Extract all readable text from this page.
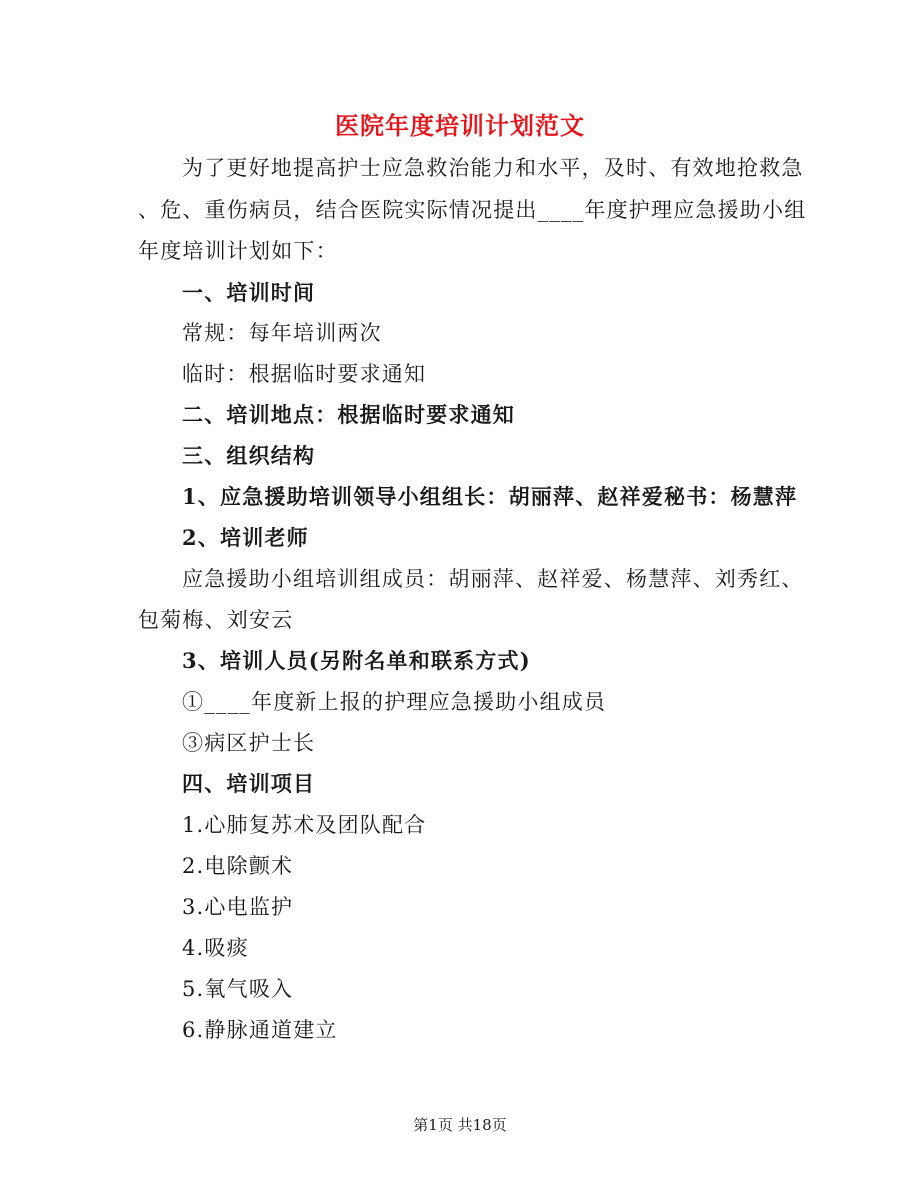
医院年度培训计划范文
为了更好地提高护士应急救治能力和水平，及时、有效地抢救急
、危、重伤病员，结合医院实际情况提出____年度护理应急援助小组
年度培训计划如下：
一、培训时间
常规：每年培训两次
临时：根据临时要求通知
二、培训地点：根据临时要求通知
三、组织结构
1、应急援助培训领导小组组长：胡丽萍、赵祥爱秘书：杨慧萍
2、培训老师
应急援助小组培训组成员：胡丽萍、赵祥爱、杨慧萍、刘秀红、
包菊梅、刘安云
3、培训人员(另附名单和联系方式)
①____年度新上报的护理应急援助小组成员
③病区护士长
四、培训项目
1.心肺复苏术及团队配合
2.电除颤术
3.心电监护
4.吸痰
5.氧气吸入
6.静脉通道建立
第1页 共18页
